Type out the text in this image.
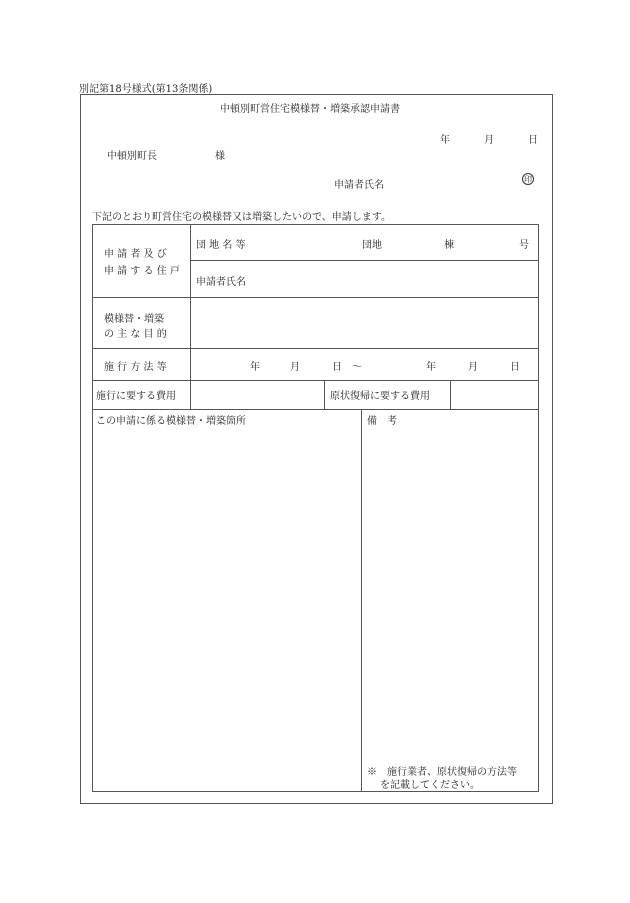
別記第18号様式(第13条関係)
中頓別町営住宅模様替・増築承認申請書
年	月	日
中頓別町長	様
申請者氏名
印
下記のとおり町営住宅の模様替又は増築したいので、申請します。
申 請 者 及 び
申 請 す る 住 戸
団 地 名 等	団地	棟	号
申請者氏名
模様替・増築
の 主 な 目 的
施 行 方 法 等	年	月	日 ～	年	月	日
施行に要する費用	原状復帰に要する費用
この申請に係る模様替・増築箇所	備　考
※　施行業者、原状復帰の方法等
を記載してください。
